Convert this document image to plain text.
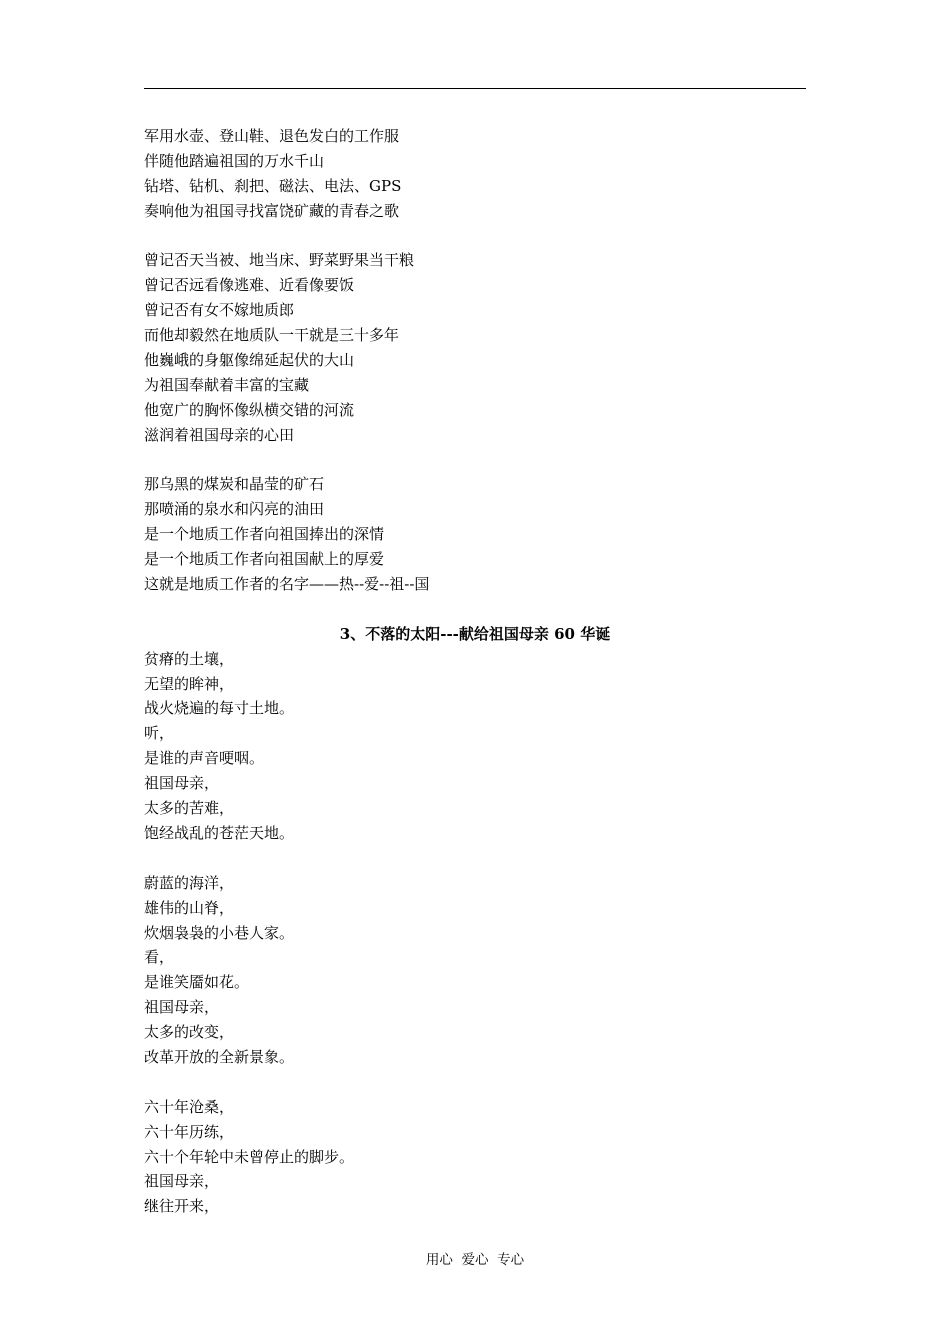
军用水壶、登山鞋、退色发白的工作服
伴随他踏遍祖国的万水千山
钻塔、钻机、刹把、磁法、电法、GPS
奏响他为祖国寻找富饶矿藏的青春之歌
曾记否天当被、地当床、野菜野果当干粮
曾记否远看像逃难、近看像要饭
曾记否有女不嫁地质郎
而他却毅然在地质队一干就是三十多年
他巍峨的身躯像绵延起伏的大山
为祖国奉献着丰富的宝藏
他宽广的胸怀像纵横交错的河流
滋润着祖国母亲的心田
那乌黑的煤炭和晶莹的矿石
那喷涌的泉水和闪亮的油田
是一个地质工作者向祖国捧出的深情
是一个地质工作者向祖国献上的厚爱
这就是地质工作者的名字——热--爱--祖--国
3、不落的太阳---献给祖国母亲 60 华诞
贫瘠的土壤，
无望的眸神，
战火烧遍的每寸土地。
听，
是谁的声音哽咽。
祖国母亲，
太多的苦难，
饱经战乱的苍茫天地。
蔚蓝的海洋，
雄伟的山脊，
炊烟袅袅的小巷人家。
看，
是谁笑靥如花。
祖国母亲，
太多的改变，
改革开放的全新景象。
六十年沧桑，
六十年历练，
六十个年轮中未曾停止的脚步。
祖国母亲，
继往开来，
用心  爱心  专心
